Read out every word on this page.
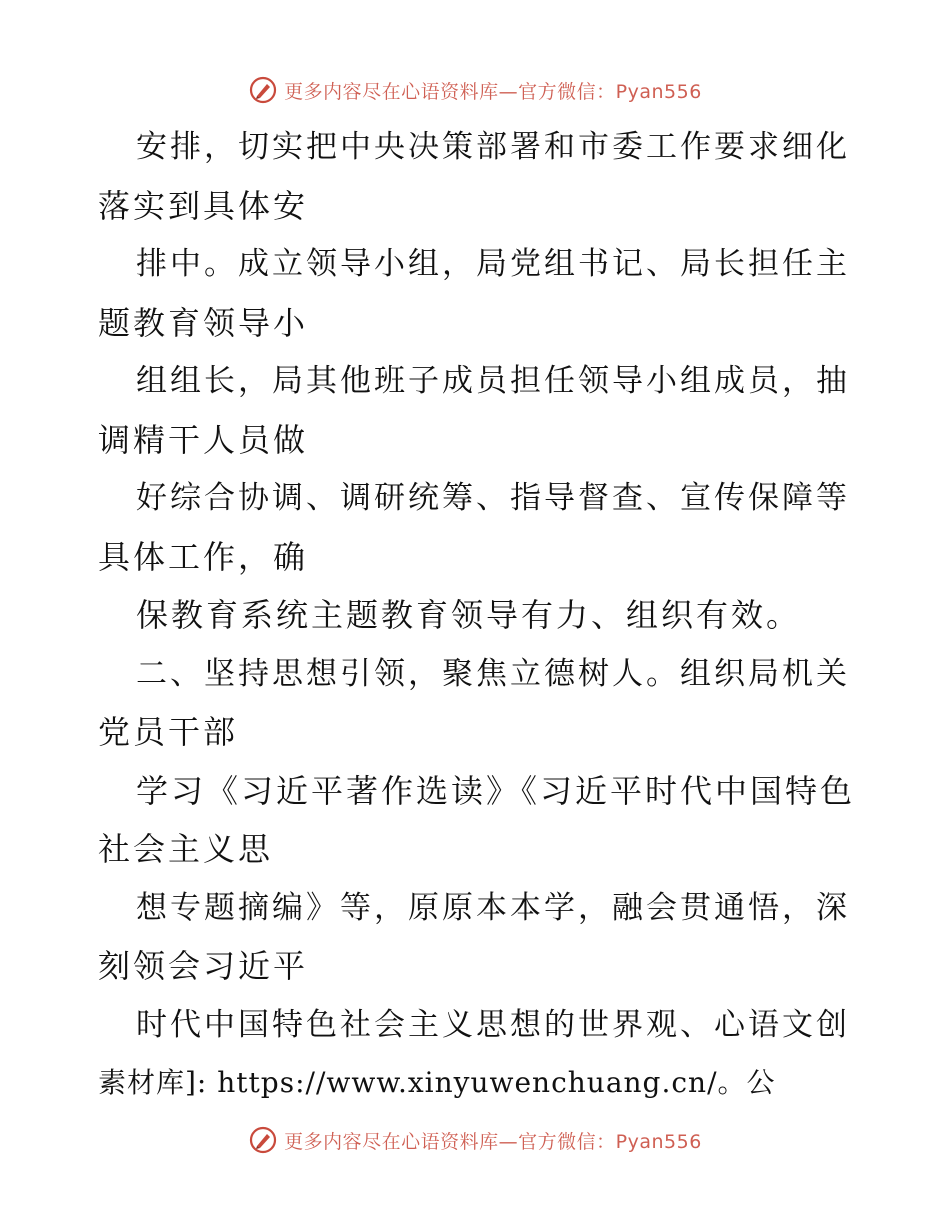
更多内容尽在心语资料库—官方微信：Pyan556
安排，切实把中央决策部署和市委工作要求细化
落实到具体安
排中。成立领导小组，局党组书记、局长担任主
题教育领导小
组组长，局其他班子成员担任领导小组成员，抽
调精干人员做
好综合协调、调研统筹、指导督查、宣传保障等
具体工作，确
保教育系统主题教育领导有力、组织有效。
二、坚持思想引领，聚焦立德树人。组织局机关
党员干部
学习《习近平著作选读》《习近平时代中国特色
社会主义思
想专题摘编》等，原原本本学，融会贯通悟，深
刻领会习近平
时代中国特色社会主义思想的世界观、心语文创
素材库]: https://www.xinyuwenchuang.cn/。公
更多内容尽在心语资料库—官方微信：Pyan556
